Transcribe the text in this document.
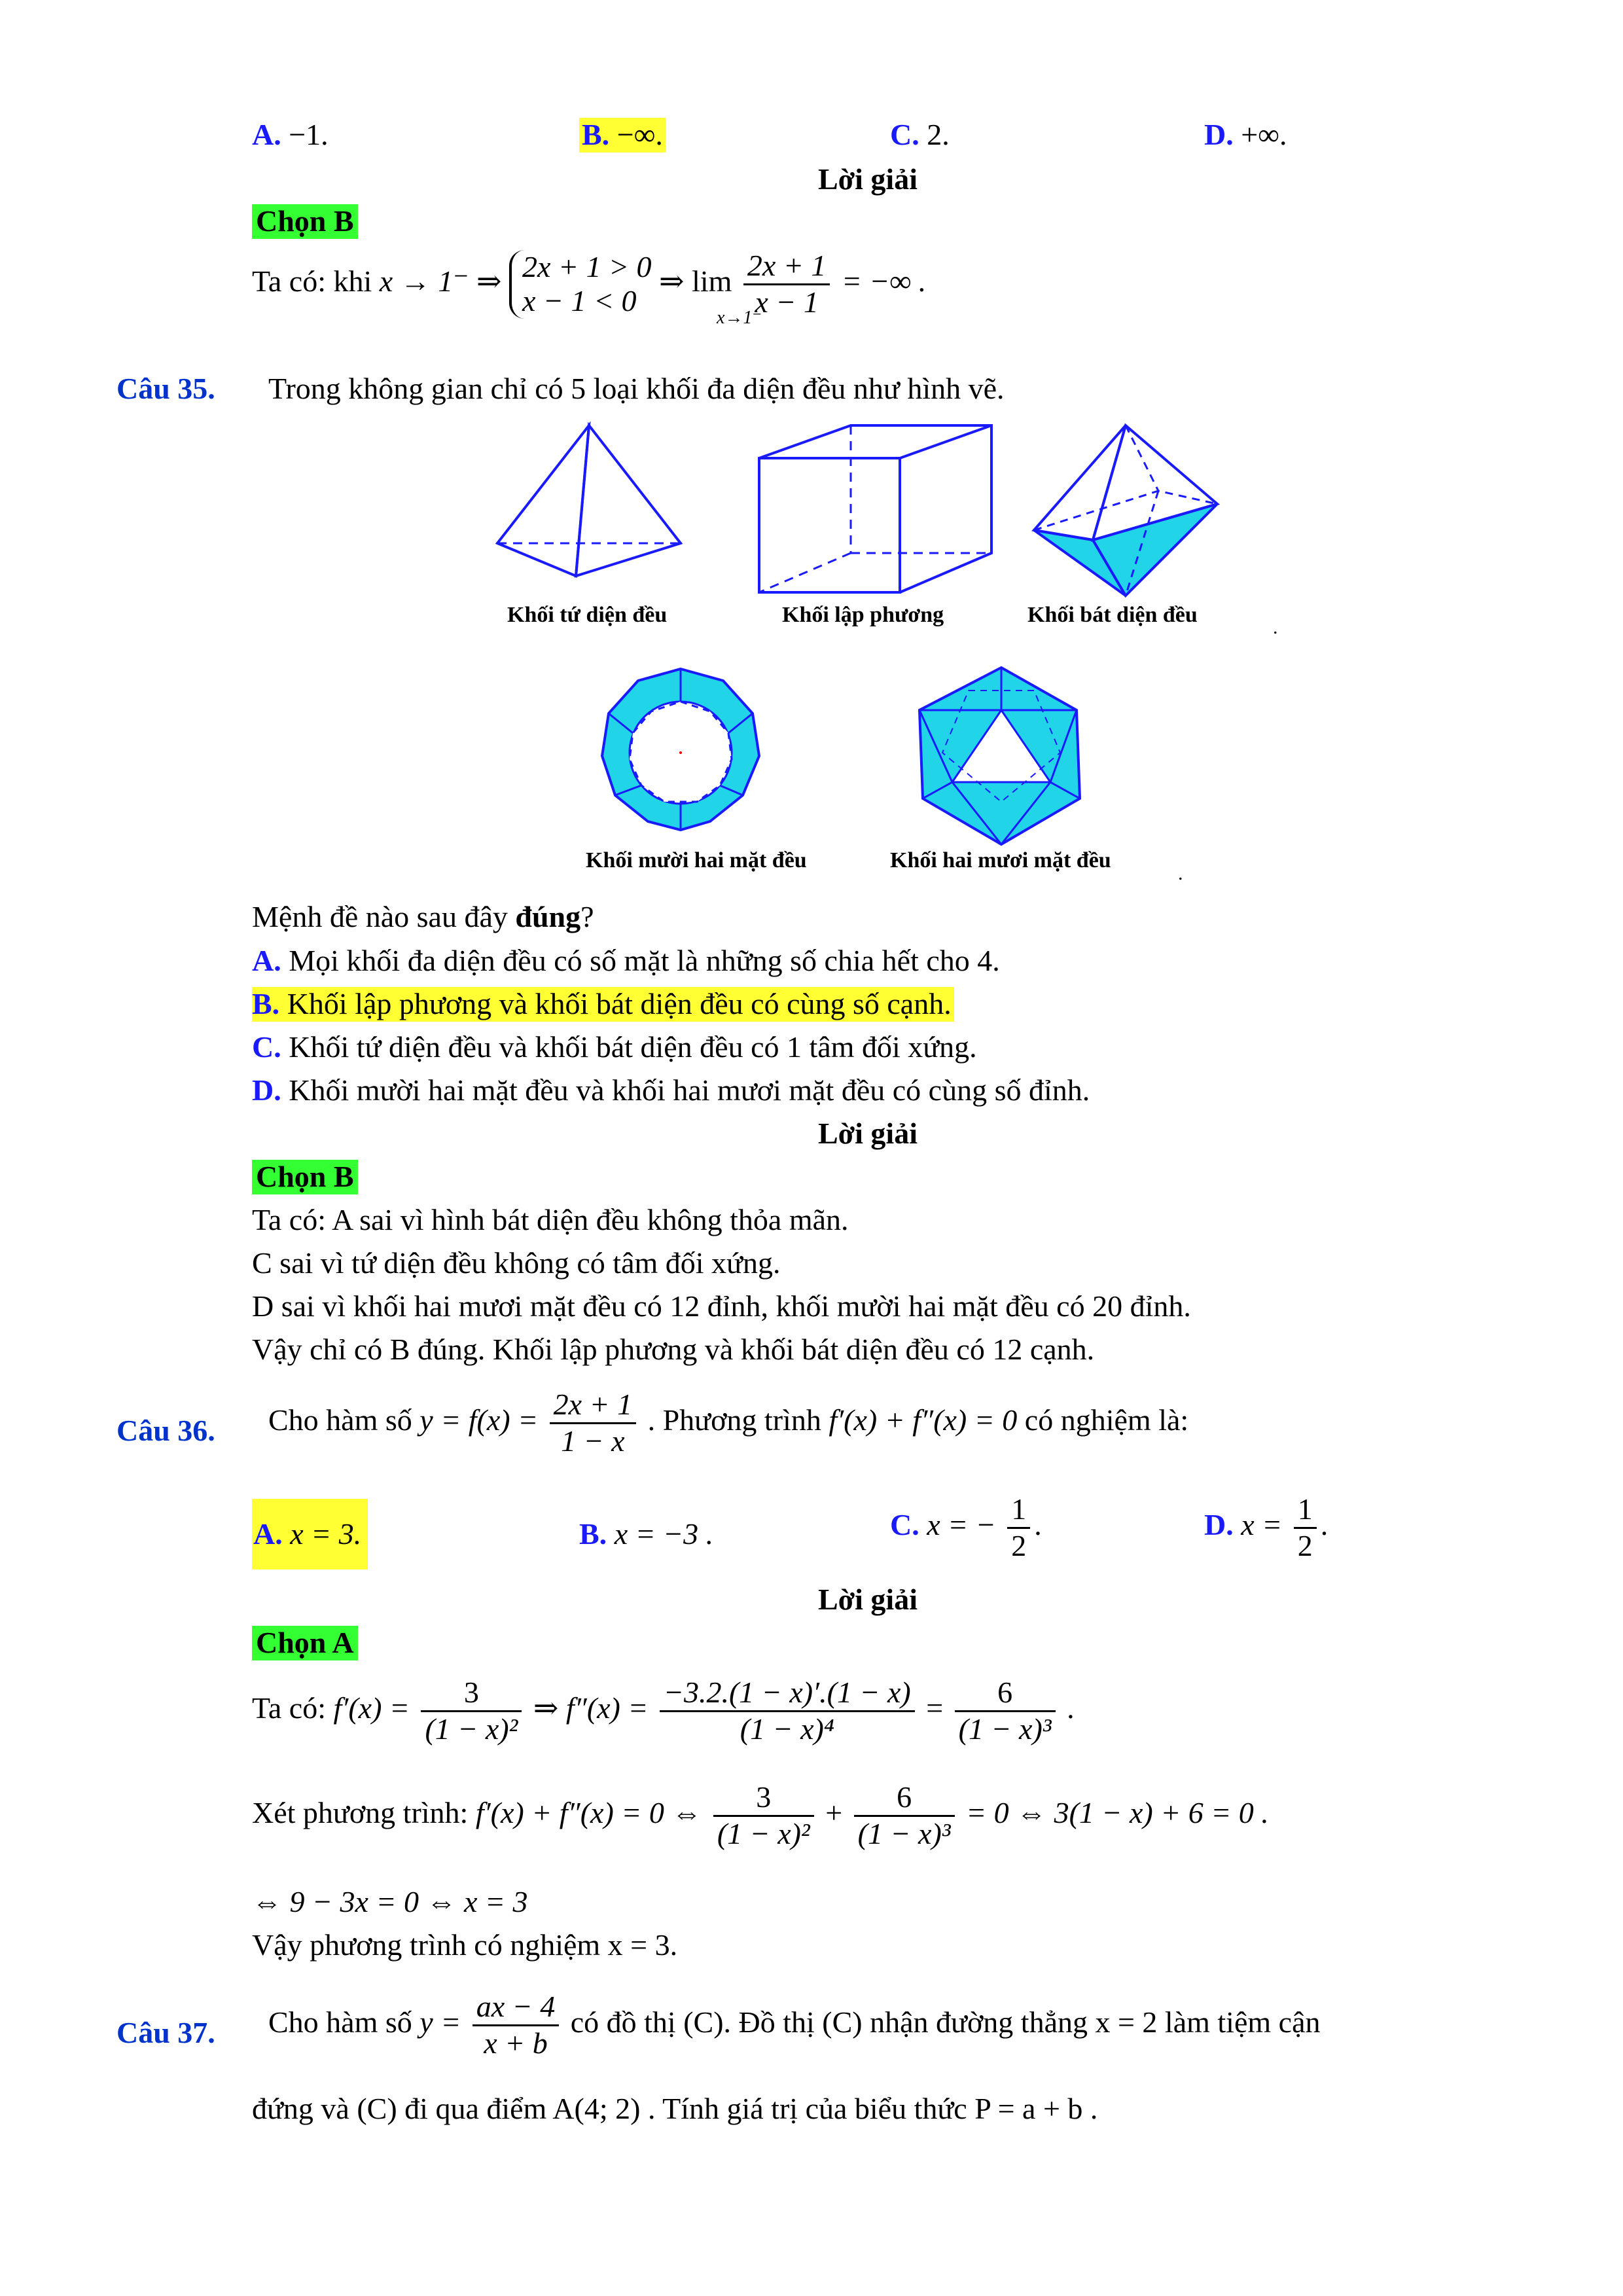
A. −1.	B. −∞.	C. 2.	D. +∞.
Lời giải
Chọn B
Ta có: khi x → 1⁻ ⇒ 2x + 1 > 0
x − 1 < 0
⇒ $\lim \frac{2x + 1}{x - 1}$ = −∞ .
x→1⁻
Câu 35. Trong không gian chỉ có 5 loại khối đa diện đều như hình vẽ.
Khối tứ diện đều	Khối lập phương	Khối bát diện đều
.
Khối mười hai mặt đều	Khối hai mươi mặt đều
.
Mệnh đề nào sau đây đúng?
A. Mọi khối đa diện đều có số mặt là những số chia hết cho 4.
B. Khối lập phương và khối bát diện đều có cùng số cạnh.
C. Khối tứ diện đều và khối bát diện đều có 1 tâm đối xứng.
D. Khối mười hai mặt đều và khối hai mươi mặt đều có cùng số đỉnh.
Lời giải
Chọn B
Ta có: A sai vì hình bát diện đều không thỏa mãn.
C sai vì tứ diện đều không có tâm đối xứng.
D sai vì khối hai mươi mặt đều có 12 đỉnh, khối mười hai mặt đều có 20 đỉnh.
Vậy chỉ có B đúng. Khối lập phương và khối bát diện đều có 12 cạnh.
Câu 36. Cho hàm số $y = f(x) = \frac{2x + 1}{1 - x}$ . Phương trình f′(x) + f″(x) = 0 có nghiệm là:
A. x = 3.	B. x = −3 .	C. x = − $\frac{1}{2}$ .	D. $x = \frac{1}{2}$ .
Lời giải
Chọn A
Ta có: $f'(x) = \frac{3}{\text{(1 − x)²}}$ ⇒ $f''(x) = \frac{-3.2.(1 - x)'.(1 - x)}{\text{(1 − x)⁴}} = \frac{6}{\text{(1 − x)³}}$ .
Xét phương trình: f′(x) + f″(x) = 0 ⇔ $\frac{3}{\text{(1 − x)²}} + \frac{6}{\text{(1 − x)³}} = 0$ ⇔ 3(1 − x) + 6 = 0 .
⇔ 9 − 3x = 0 ⇔ x = 3
Vậy phương trình có nghiệm x = 3.
Câu 37. Cho hàm số $y = \frac{ax - 4}{x + b}$ có đồ thị (C). Đồ thị (C) nhận đường thẳng x = 2 làm tiệm cận
đứng và (C) đi qua điểm A(4; 2) . Tính giá trị của biểu thức P = a + b .
